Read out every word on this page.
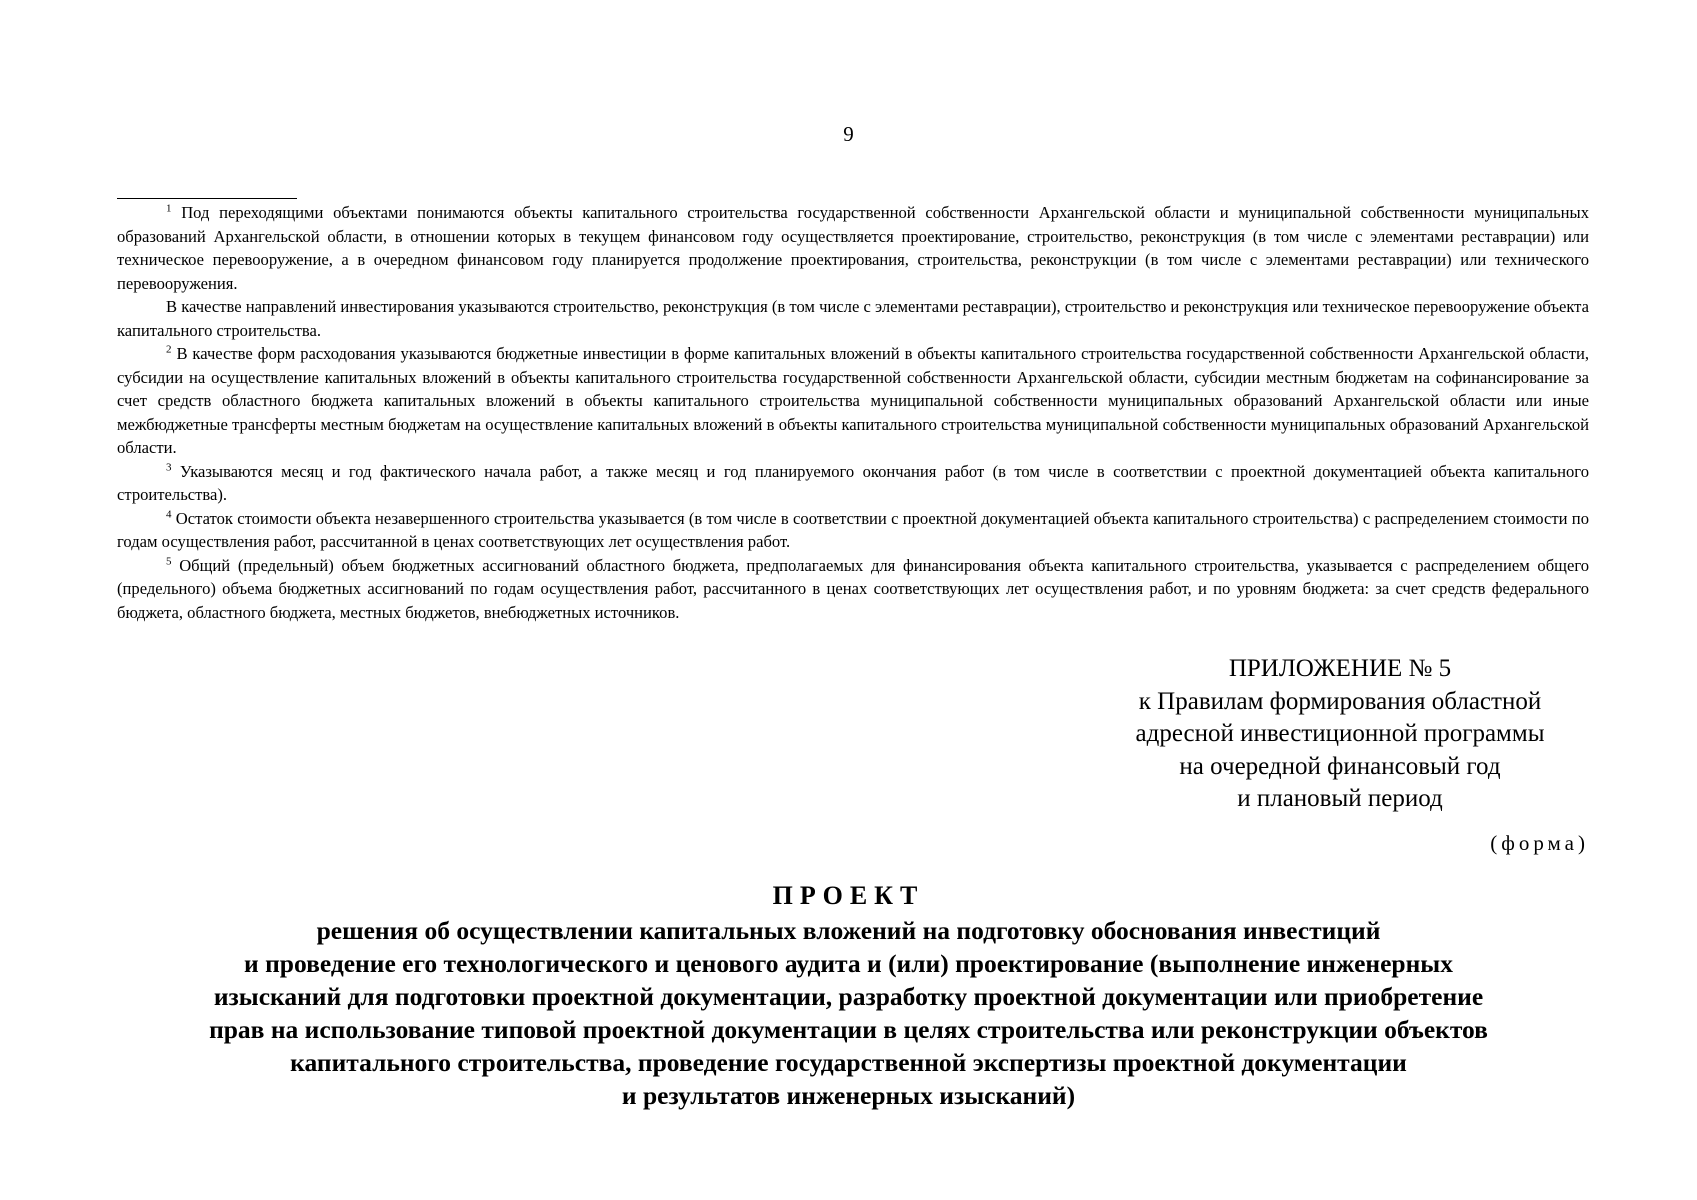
9

$^1$ Под переходящими объектами понимаются объекты капитального строительства государственной собственности Архангельской области и муниципальной собственности муниципальных образований Архангельской области, в отношении которых в текущем финансовом году осуществляется проектирование, строительство, реконструкция (в том числе с элементами реставрации) или техническое перевооружение, а в очередном финансовом году планируется продолжение проектирования, строительства, реконструкции (в том числе с элементами реставрации) или технического перевооружения.

В качестве направлений инвестирования указываются строительство, реконструкция (в том числе с элементами реставрации), строительство и реконструкция или техническое перевооружение объекта капитального строительства.

$^2$ В качестве форм расходования указываются бюджетные инвестиции в форме капитальных вложений в объекты капитального строительства государственной собственности Архангельской области, субсидии на осуществление капитальных вложений в объекты капитального строительства государственной собственности Архангельской области, субсидии местным бюджетам на софинансирование за счет средств областного бюджета капитальных вложений в объекты капитального строительства муниципальной собственности муниципальных образований Архангельской области или иные межбюджетные трансферты местным бюджетам на осуществление капитальных вложений в объекты капитального строительства муниципальной собственности муниципальных образований Архангельской области.

$^3$ Указываются месяц и год фактического начала работ, а также месяц и год планируемого окончания работ (в том числе в соответствии с проектной документацией объекта капитального строительства).

$^4$ Остаток стоимости объекта незавершенного строительства указывается (в том числе в соответствии с проектной документацией объекта капитального строительства) с распределением стоимости по годам осуществления работ, рассчитанной в ценах соответствующих лет осуществления работ.

$^5$ Общий (предельный) объем бюджетных ассигнований областного бюджета, предполагаемых для финансирования объекта капитального строительства, указывается с распределением общего (предельного) объема бюджетных ассигнований по годам осуществления работ, рассчитанного в ценах соответствующих лет осуществления работ, и по уровням бюджета: за счет средств федерального бюджета, областного бюджета, местных бюджетов, внебюджетных источников.

ПРИЛОЖЕНИЕ № 5
к Правилам формирования областной
адресной инвестиционной программы
на очередной финансовый год
и плановый период
(форма)
ПРОЕКТ
решения об осуществлении капитальных вложений на подготовку обоснования инвестиций
и проведение его технологического и ценового аудита и (или) проектирование (выполнение инженерных
изысканий для подготовки проектной документации, разработку проектной документации или приобретение
прав на использование типовой проектной документации в целях строительства или реконструкции объектов
капитального строительства, проведение государственной экспертизы проектной документации
и результатов инженерных изысканий)
